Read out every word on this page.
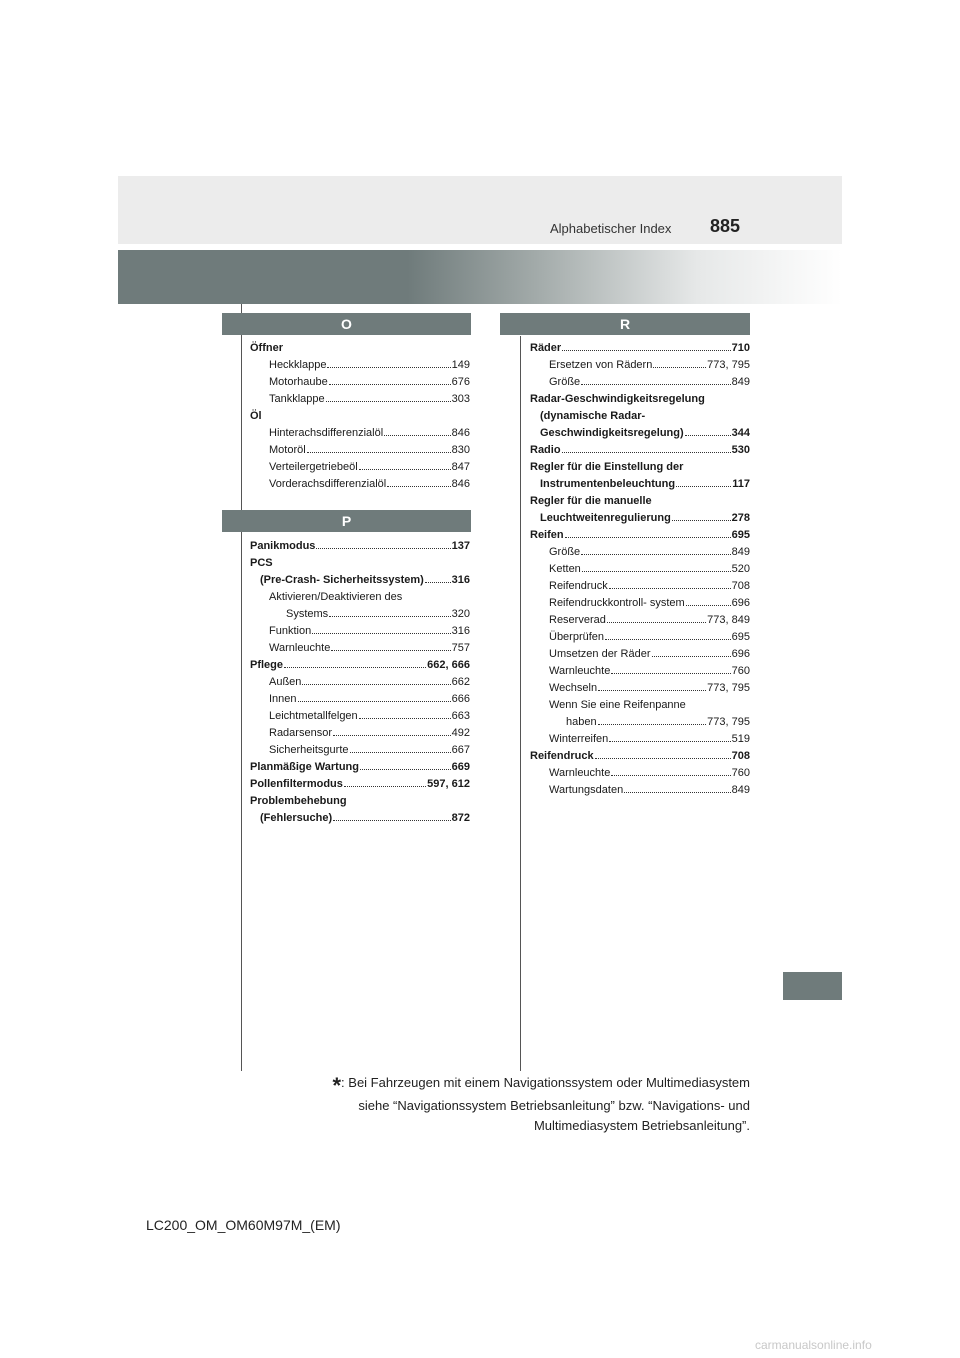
885
Alphabetischer Index
O
Öffner
Heckklappe	149
Motorhaube	676
Tankklappe	303
Öl
Hinterachsdifferenzialöl	846
Motoröl	830
Verteilergetriebeöl	847
Vorderachsdifferenzialöl	846
P
Panikmodus	137
PCS
(Pre-Crash- Sicherheitssystem)	316
Aktivieren/Deaktivieren des
Systems	320
Funktion	316
Warnleuchte	757
Pflege	662, 666
Außen	662
Innen	666
Leichtmetallfelgen	663
Radarsensor	492
Sicherheitsgurte	667
Planmäßige Wartung	669
Pollenfiltermodus	597, 612
Problembehebung
(Fehlersuche)	872
R
Räder	710
Ersetzen von Rädern	773, 795
Größe	849
Radar-Geschwindigkeitsregelung
(dynamische Radar-
Geschwindigkeitsregelung)	344
Radio	530
Regler für die Einstellung der
Instrumentenbeleuchtung	117
Regler für die manuelle
Leuchtweitenregulierung	278
Reifen	695
Größe	849
Ketten	520
Reifendruck	708
Reifendruckkontroll- system	696
Reserverad	773, 849
Überprüfen	695
Umsetzen der Räder	696
Warnleuchte	760
Wechseln	773, 795
Wenn Sie eine Reifenpanne
haben	773, 795
Winterreifen	519
Reifendruck	708
Warnleuchte	760
Wartungsdaten	849
*: Bei Fahrzeugen mit einem Navigationssystem oder Multimediasystem
siehe “Navigationssystem Betriebsanleitung” bzw. “Navigations- und
Multimediasystem Betriebsanleitung”.
LC200_OM_OM60M97M_(EM)
carmanualsonline.info
